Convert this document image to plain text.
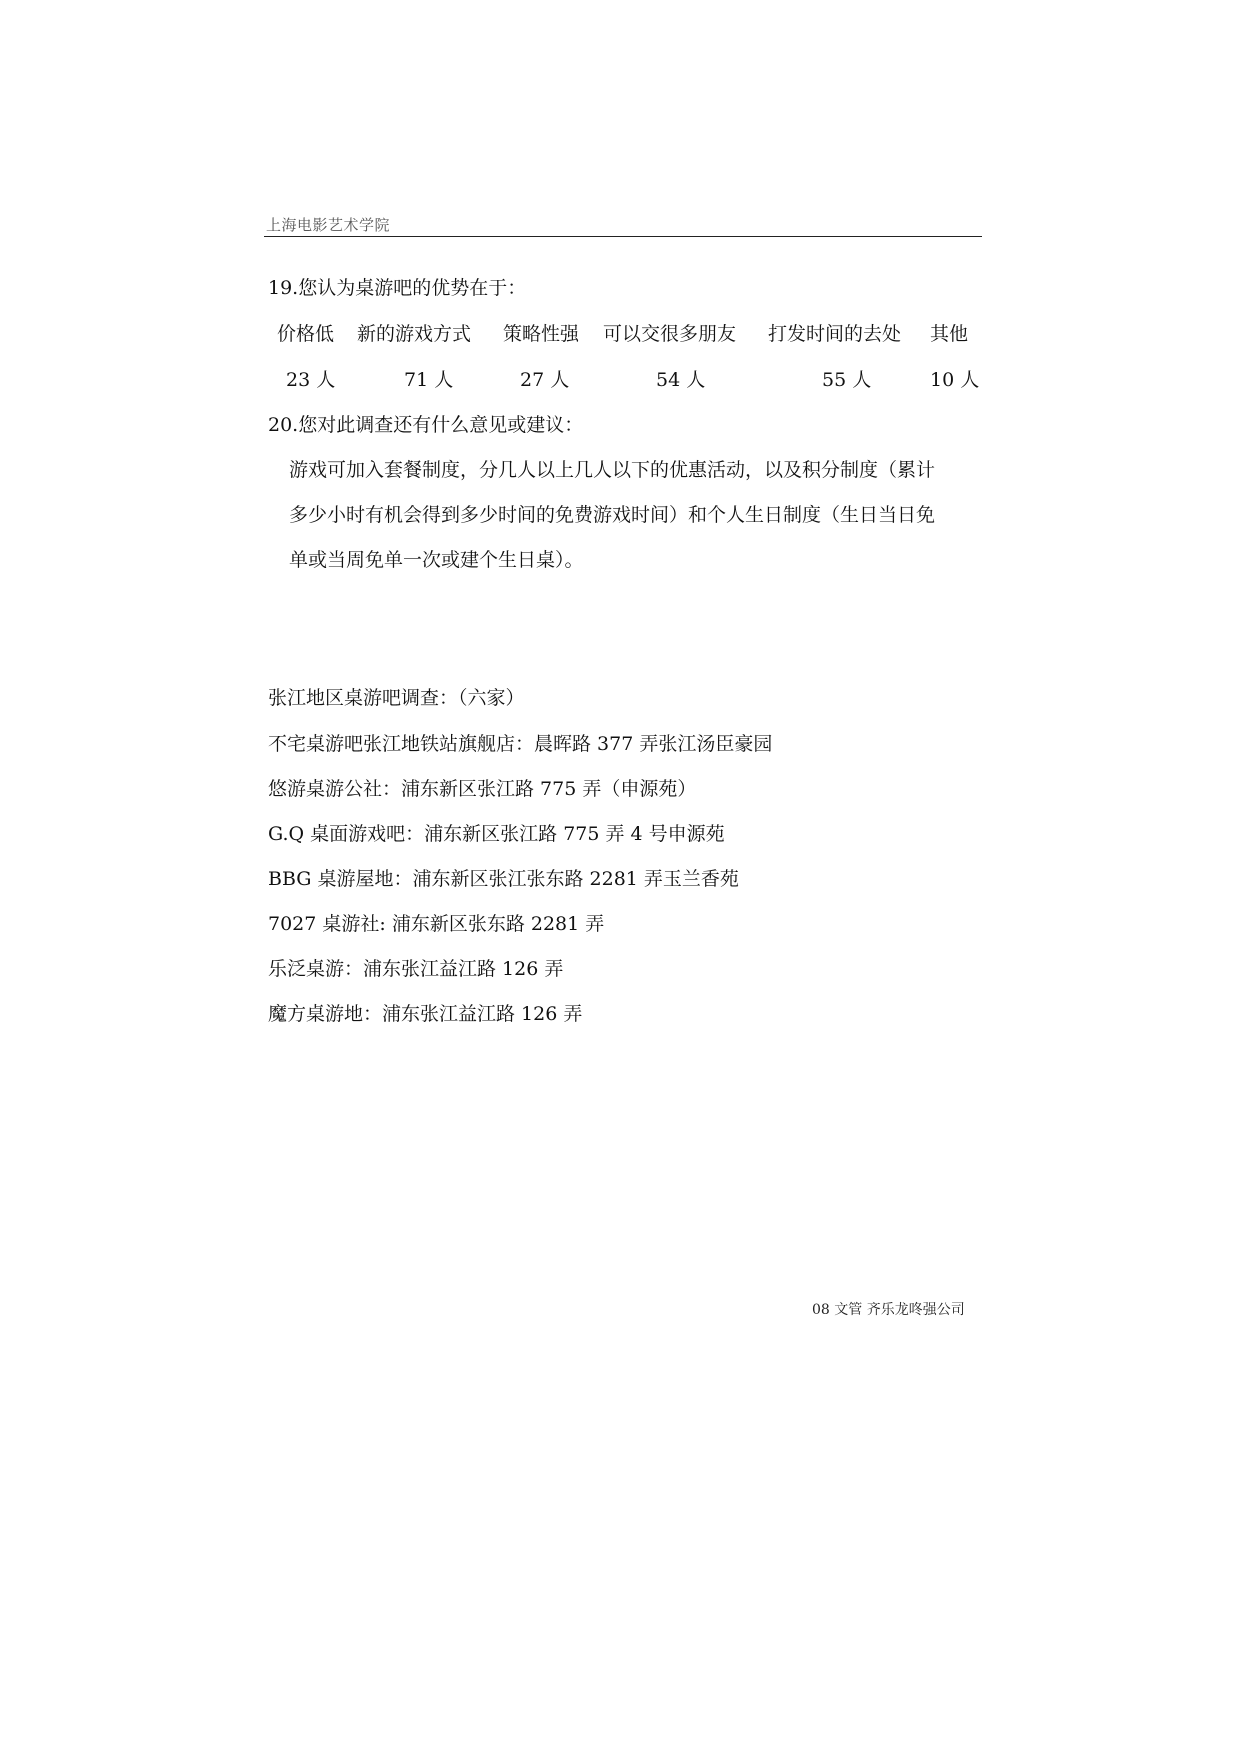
上海电影艺术学院
19.您认为桌游吧的优势在于：
价格低 新的游戏方式 策略性强 可以交很多朋友 打发时间的去处 其他
23 人	71 人	27 人	54 人	55 人	10 人
20.您对此调查还有什么意见或建议：
游戏可加入套餐制度，分几人以上几人以下的优惠活动，以及积分制度（累计
多少小时有机会得到多少时间的免费游戏时间）和个人生日制度（生日当日免
单或当周免单一次或建个生日桌）。
张江地区桌游吧调查：（六家）
不宅桌游吧张江地铁站旗舰店：晨晖路 377 弄张江汤臣豪园
悠游桌游公社：浦东新区张江路 775 弄（申源苑）
G.Q 桌面游戏吧：浦东新区张江路 775 弄 4 号申源苑
BBG 桌游屋地：浦东新区张江张东路 2281 弄玉兰香苑
7027 桌游社: 浦东新区张东路 2281 弄
乐泛桌游：浦东张江益江路 126 弄
魔方桌游地：浦东张江益江路 126 弄
08 文管 齐乐龙咚强公司
